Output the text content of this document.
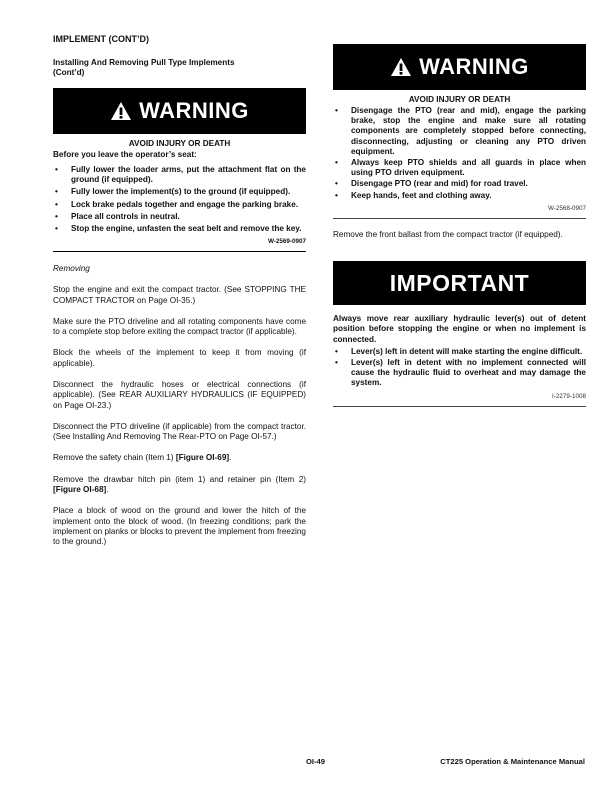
IMPLEMENT (CONT’D)
Installing And Removing Pull Type Implements
(Cont’d)
WARNING
AVOID INJURY OR DEATH
Before you leave the operator’s seat:
• Fully lower the loader arms, put the attachment flat on the ground (if equipped).
• Fully lower the implement(s) to the ground (if equipped).
• Lock brake pedals together and engage the parking brake.
• Place all controls in neutral.
• Stop the engine, unfasten the seat belt and remove the key.
W-2569-0907

Removing

Stop the engine and exit the compact tractor. (See STOPPING THE COMPACT TRACTOR on Page OI-35.)

Make sure the PTO driveline and all rotating components have come to a complete stop before exiting the compact tractor (if applicable).

Block the wheels of the implement to keep it from moving (if applicable).

Disconnect the hydraulic hoses or electrical connections (if applicable). (See REAR AUXILIARY HYDRAULICS (IF EQUIPPED) on Page OI-23.)

Disconnect the PTO driveline (if applicable) from the compact tractor. (See Installing And Removing The Rear-PTO on Page OI-57.)

Remove the safety chain (Item 1) [Figure OI-69].

Remove the drawbar hitch pin (item 1) and retainer pin (Item 2) [Figure OI-68].

Place a block of wood on the ground and lower the hitch of the implement onto the block of wood. (In freezing conditions; park the implement on planks or blocks to prevent the implement from freezing to the ground.)

WARNING
AVOID INJURY OR DEATH
• Disengage the PTO (rear and mid), engage the parking brake, stop the engine and make sure all rotating components are completely stopped before connecting, disconnecting, adjusting or cleaning any PTO driven equipment.
• Always keep PTO shields and all guards in place when using PTO driven equipment.
• Disengage PTO (rear and mid) for road travel.
• Keep hands, feet and clothing away.
W-2568-0907

Remove the front ballast from the compact tractor (if equipped).

IMPORTANT
Always move rear auxiliary hydraulic lever(s) out of detent position before stopping the engine or when no implement is connected.
• Lever(s) left in detent will make starting the engine difficult.
• Lever(s) left in detent with no implement connected will cause the hydraulic fluid to overheat and may damage the system.
I-2279-1008
OI-49	CT225 Operation & Maintenance Manual
